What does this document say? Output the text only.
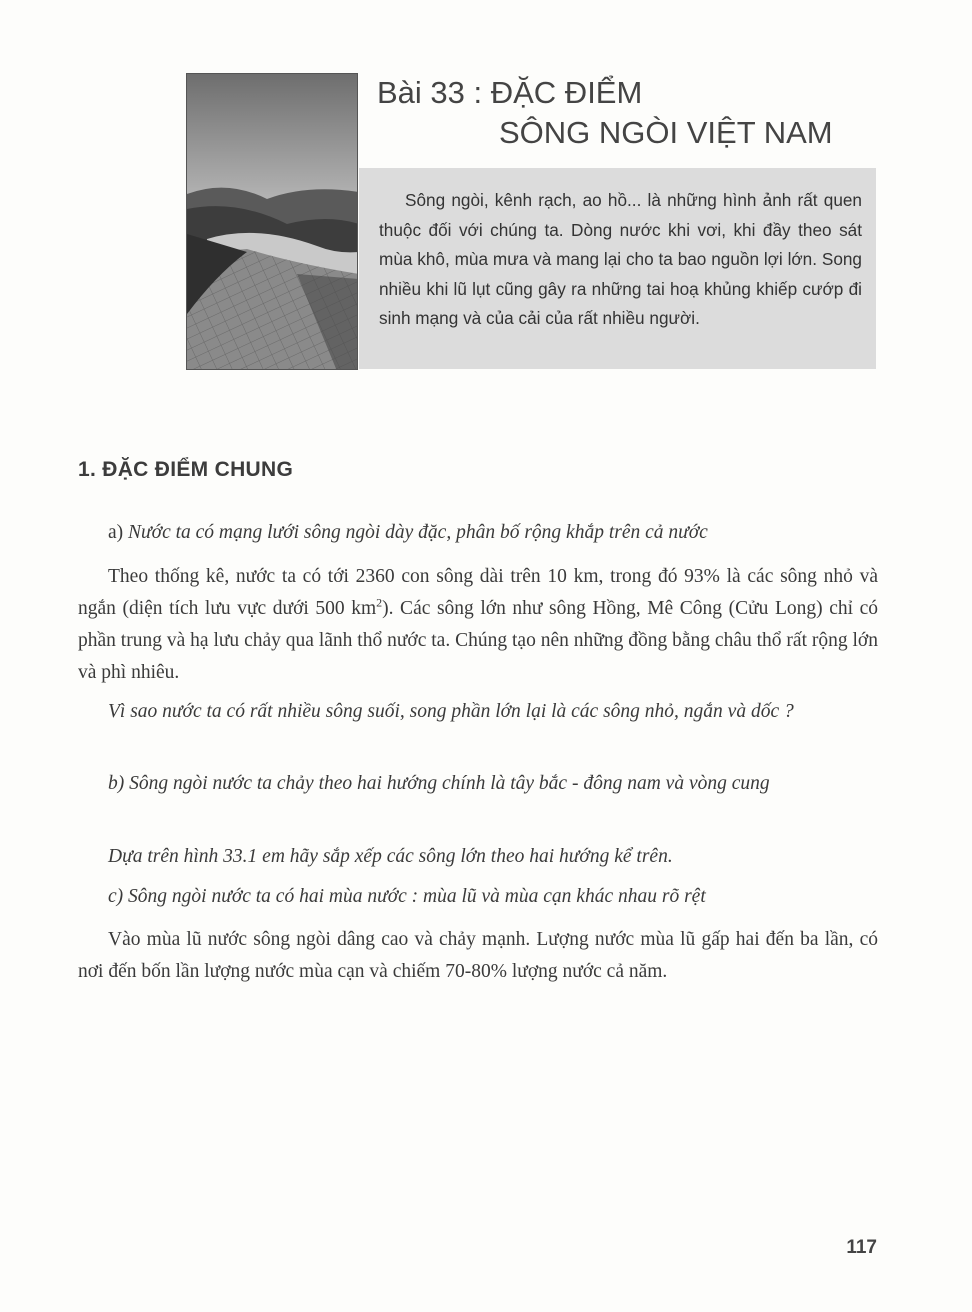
Bài 33 : ĐẶC ĐIỂM
SÔNG NGÒI VIỆT NAM
Sông ngòi, kênh rạch, ao hồ... là những hình ảnh rất quen thuộc đối với chúng ta. Dòng nước khi vơi, khi đầy theo sát mùa khô, mùa mưa và mang lại cho ta bao nguồn lợi lớn. Song nhiều khi lũ lụt cũng gây ra những tai hoạ khủng khiếp cướp đi sinh mạng và của cải của rất nhiều người.
1. ĐẶC ĐIỂM CHUNG
a) Nước ta có mạng lưới sông ngòi dày đặc, phân bố rộng khắp trên cả nước
Theo thống kê, nước ta có tới 2360 con sông dài trên 10 km, trong đó 93% là các sông nhỏ và ngắn (diện tích lưu vực dưới 500 $km^2$). Các sông lớn như sông Hồng, Mê Công (Cửu Long) chỉ có phần trung và hạ lưu chảy qua lãnh thổ nước ta. Chúng tạo nên những đồng bằng châu thổ rất rộng lớn và phì nhiêu.
Vì sao nước ta có rất nhiều sông suối, song phần lớn lại là các sông nhỏ, ngắn và dốc ?
b) Sông ngòi nước ta chảy theo hai hướng chính là tây bắc - đông nam và vòng cung
Dựa trên hình 33.1 em hãy sắp xếp các sông lớn theo hai hướng kể trên.
c) Sông ngòi nước ta có hai mùa nước : mùa lũ và mùa cạn khác nhau rõ rệt
Vào mùa lũ nước sông ngòi dâng cao và chảy mạnh. Lượng nước mùa lũ gấp hai đến ba lần, có nơi đến bốn lần lượng nước mùa cạn và chiếm 70-80% lượng nước cả năm.
117
